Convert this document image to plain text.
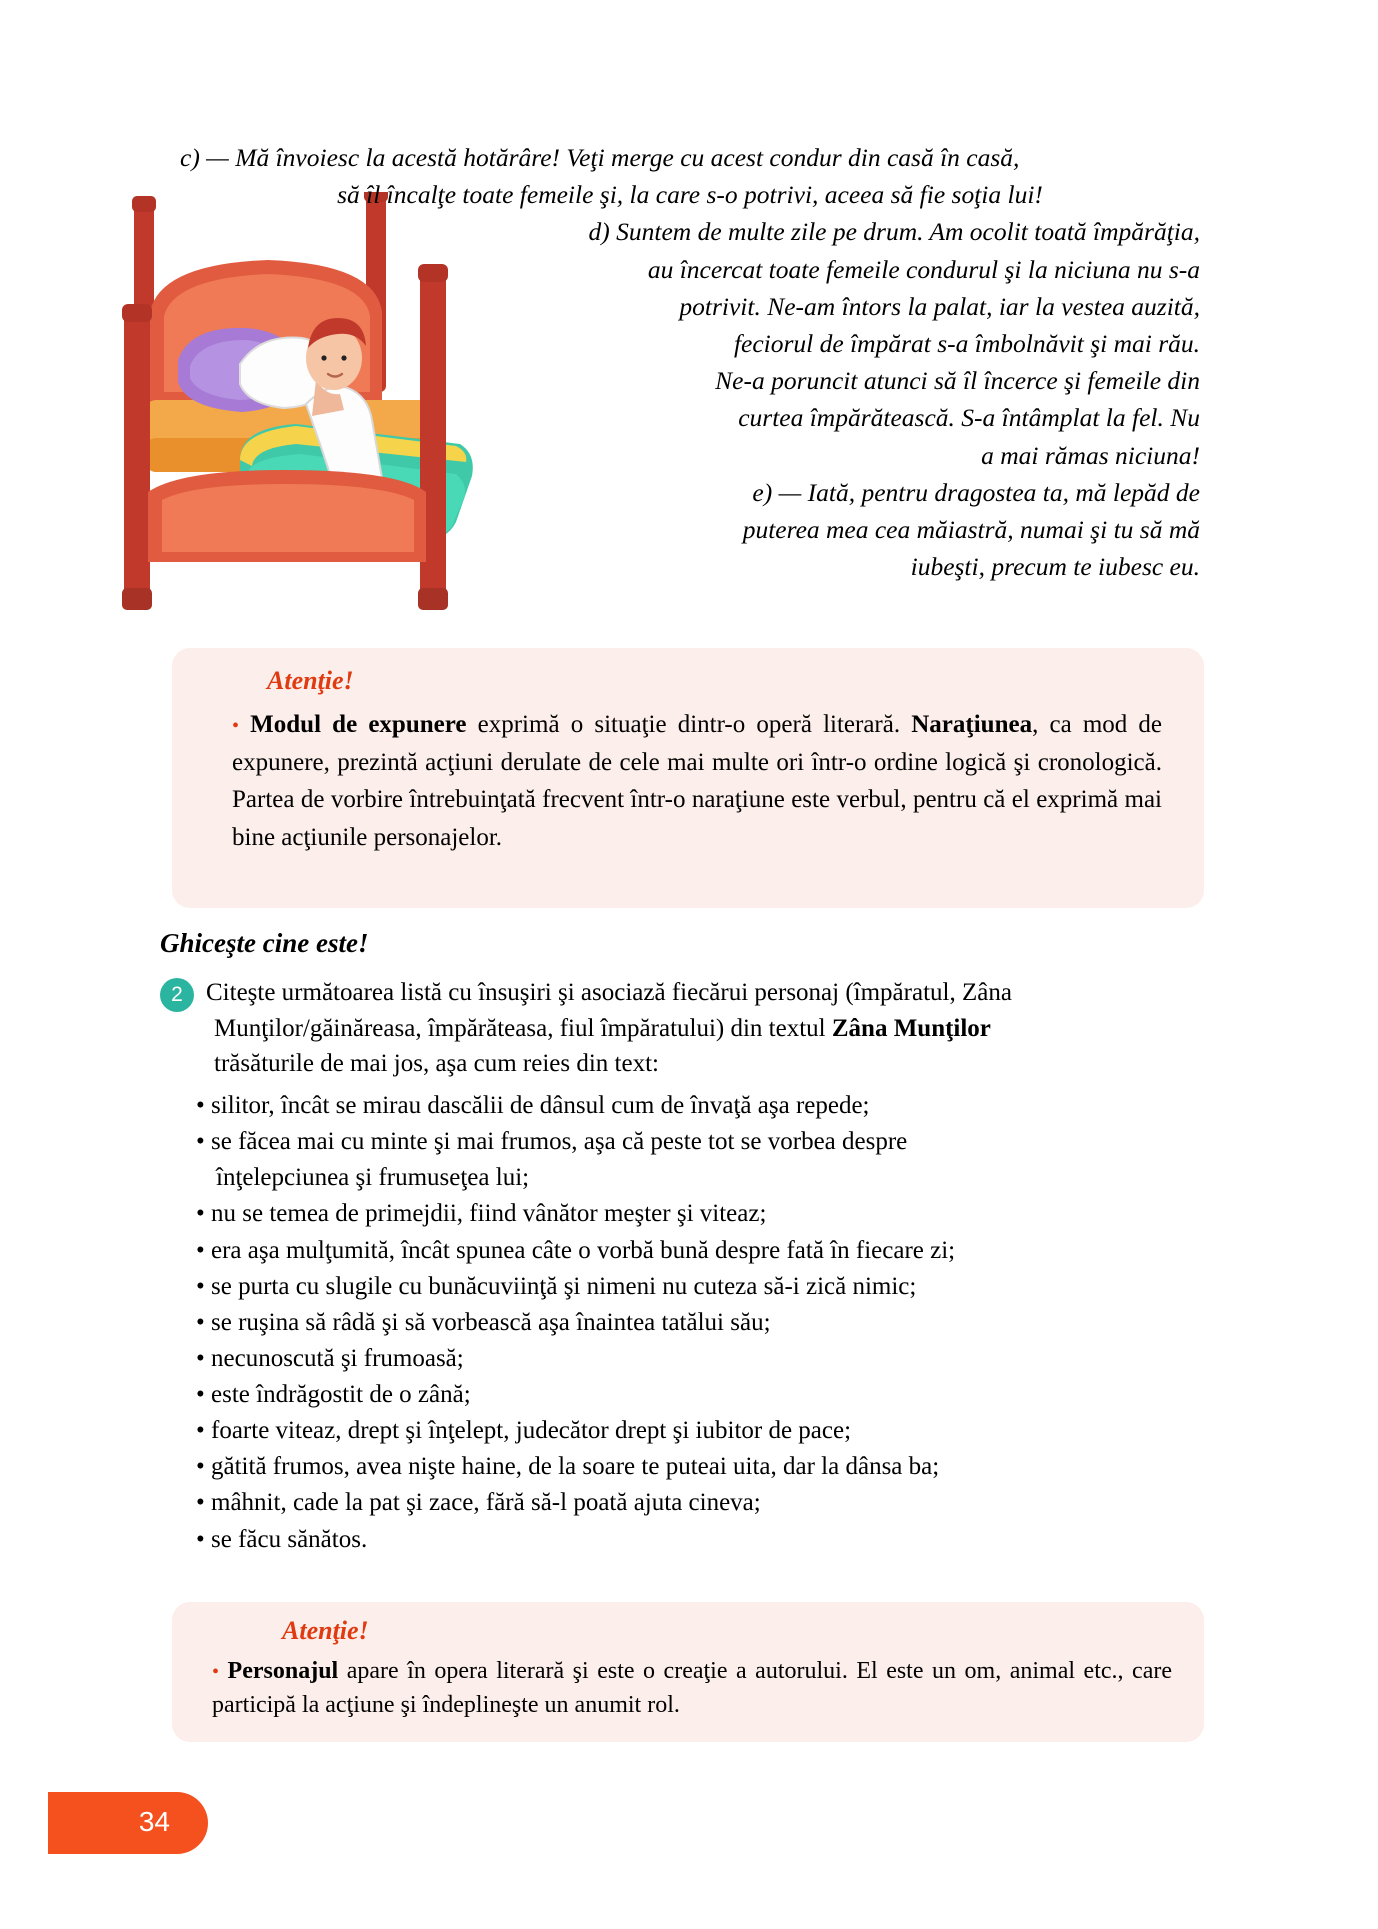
c) — Mă învoiesc la acestă hotărâre! Veţi merge cu acest condur din casă în casă,

să îl încalţe toate femeile şi, la care s-o potrivi, aceea să fie soţia lui!

d) Suntem de multe zile pe drum. Am ocolit toată împărăţia,

au încercat toate femeile condurul şi la niciuna nu s-a

potrivit. Ne-am întors la palat, iar la vestea auzită,

feciorul de împărat s-a îmbolnăvit şi mai rău.

Ne-a poruncit atunci să îl încerce şi femeile din

curtea împărătească. S-a întâmplat la fel. Nu

a mai rămas niciuna!

e) — Iată, pentru dragostea ta, mă lepăd de

puterea mea cea măiastră, numai şi tu să mă

iubeşti, precum te iubesc eu.

Atenţie!
• Modul de expunere exprimă o situaţie dintr-o operă literară. Naraţiunea, ca mod de expunere, prezintă acţiuni derulate de cele mai multe ori într-o ordine logică şi cronologică. Partea de vorbire întrebuinţată frecvent într-o naraţiune este verbul, pentru că el exprimă mai bine acţiunile personajelor.
Ghiceşte cine este!
2 Citeşte următoarea listă cu însuşiri şi asociază fiecărui personaj (împăratul, Zâna
Munţilor/găinăreasa, împărăteasa, fiul împăratului) din textul Zâna Munţilor
trăsăturile de mai jos, aşa cum reies din text:
• silitor, încât se mirau dascălii de dânsul cum de învaţă aşa repede;
• se făcea mai cu minte şi mai frumos, aşa că peste tot se vorbea despre
înţelepciunea şi frumuseţea lui;
• nu se temea de primejdii, fiind vânător meşter şi viteaz;
• era aşa mulţumită, încât spunea câte o vorbă bună despre fată în fiecare zi;
• se purta cu slugile cu bunăcuviinţă şi nimeni nu cuteza să-i zică nimic;
• se ruşina să râdă şi să vorbească aşa înaintea tatălui său;
• necunoscută şi frumoasă;
• este îndrăgostit de o zână;
• foarte viteaz, drept şi înţelept, judecător drept şi iubitor de pace;
• gătită frumos, avea nişte haine, de la soare te puteai uita, dar la dânsa ba;
• mâhnit, cade la pat şi zace, fără să-l poată ajuta cineva;
• se făcu sănătos.
Atenţie!
• Personajul apare în opera literară şi este o creaţie a autorului. El este un om, animal etc., care participă la acţiune şi îndeplineşte un anumit rol.
34
